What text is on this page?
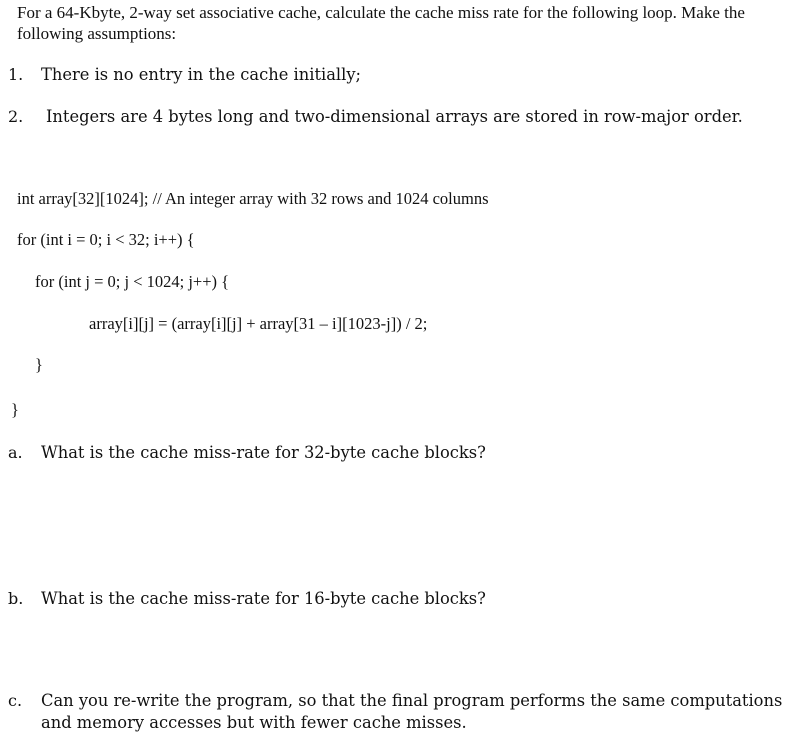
For a 64-Kbyte, 2-way set associative cache, calculate the cache miss rate for the following loop. Make the following assumptions:
1. There is no entry in the cache initially;
2. Integers are 4 bytes long and two-dimensional arrays are stored in row-major order.
int array[32][1024]; // An integer array with 32 rows and 1024 columns
for (int i = 0; i < 32; i++) {
for (int j = 0; j < 1024; j++) {
array[i][j] = (array[i][j] + array[31 – i][1023-j]) / 2;
}
}
a. What is the cache miss-rate for 32-byte cache blocks?
b. What is the cache miss-rate for 16-byte cache blocks?
c. Can you re-write the program, so that the final program performs the same computations and memory accesses but with fewer cache misses.
